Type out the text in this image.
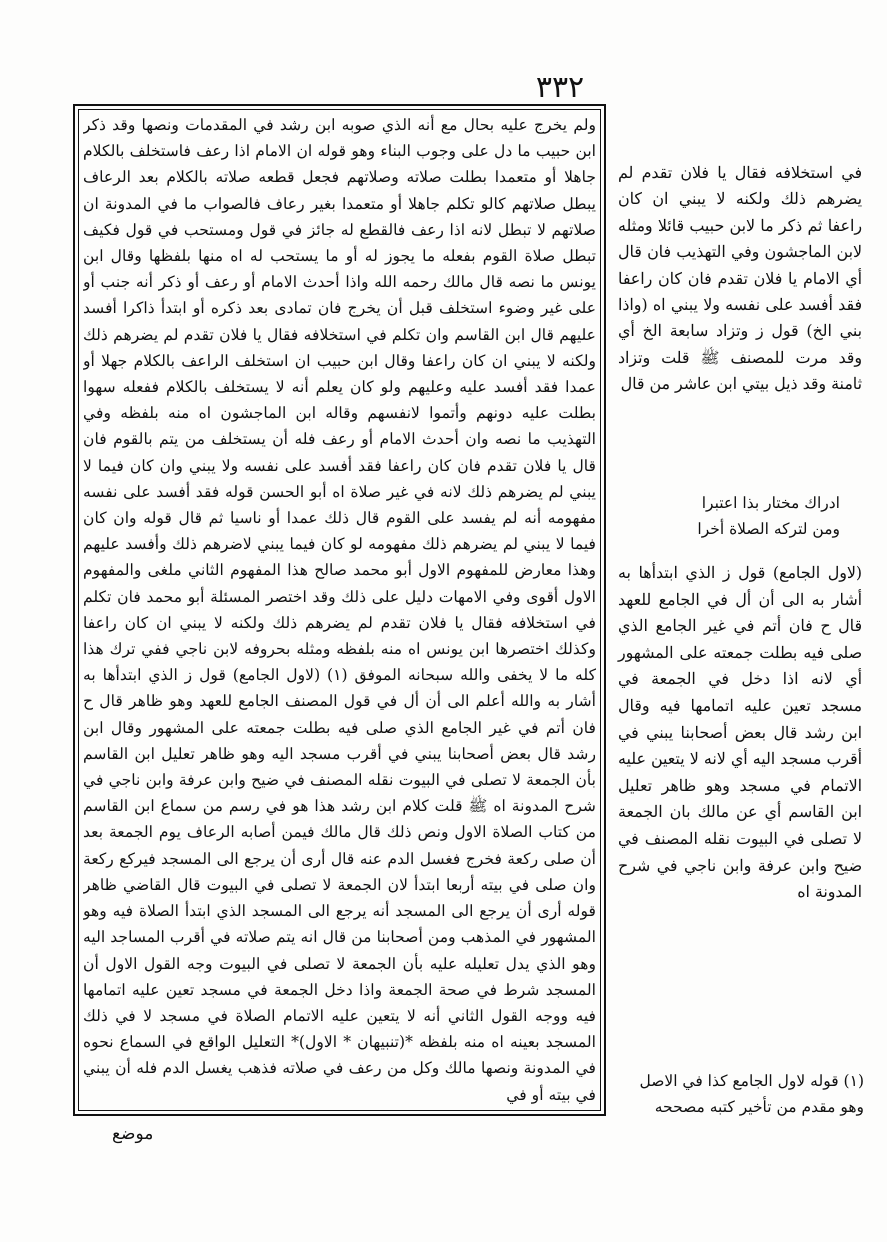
٣٣٢

ولم يخرج عليه بحال مع أنه الذي صوبه ابن رشد في المقدمات ونصها وقد ذكر ابن حبيب ما دل على وجوب البناء وهو قوله ان الامام اذا رعف فاستخلف بالكلام جاهلا أو متعمدا بطلت صلاته وصلاتهم فجعل قطعه صلاته بالكلام بعد الرعاف يبطل صلاتهم كالو تكلم جاهلا أو متعمدا بغير رعاف فالصواب ما في المدونة ان صلاتهم لا تبطل لانه اذا رعف فالقطع له جائز في قول ومستحب في قول فكيف تبطل صلاة القوم بفعله ما يجوز له أو ما يستحب له اه منها بلفظها وقال ابن يونس ما نصه قال مالك رحمه الله واذا أحدث الامام أو رعف أو ذكر أنه جنب أو على غير وضوء استخلف قبل أن يخرج فان تمادى بعد ذكره أو ابتدأ ذاكرا أفسد عليهم قال ابن القاسم وان تكلم في استخلافه فقال يا فلان تقدم لم يضرهم ذلك ولكنه لا يبني ان كان راعفا وقال ابن حبيب ان استخلف الراعف بالكلام جهلا أو عمدا فقد أفسد عليه وعليهم ولو كان يعلم أنه لا يستخلف بالكلام ففعله سهوا بطلت عليه دونهم وأتموا لانفسهم وقاله ابن الماجشون اه منه بلفظه وفي التهذيب ما نصه وان أحدث الامام أو رعف فله أن يستخلف من يتم بالقوم فان قال يا فلان تقدم فان كان راعفا فقد أفسد على نفسه ولا يبني وان كان فيما لا يبني لم يضرهم ذلك لانه في غير صلاة اه أبو الحسن قوله فقد أفسد على نفسه مفهومه أنه لم يفسد على القوم قال ذلك عمدا أو ناسيا ثم قال قوله وان كان فيما لا يبني لم يضرهم ذلك مفهومه لو كان فيما يبني لاضرهم ذلك وأفسد عليهم وهذا معارض للمفهوم الاول أبو محمد صالح هذا المفهوم الثاني ملغى والمفهوم الاول أقوى وفي الامهات دليل على ذلك وقد اختصر المسئلة أبو محمد فان تكلم في استخلافه فقال يا فلان تقدم لم يضرهم ذلك ولكنه لا يبني ان كان راعفا وكذلك اختصرها ابن يونس اه منه بلفظه ومثله بحروفه لابن ناجي ففي ترك هذا كله ما لا يخفى والله سبحانه الموفق (١) (لاول الجامع) قول ز الذي ابتدأها به أشار به والله أعلم الى أن أل في قول المصنف الجامع للعهد وهو ظاهر قال ح فان أتم في غير الجامع الذي صلى فيه بطلت جمعته على المشهور وقال ابن رشد قال بعض أصحابنا يبني في أقرب مسجد اليه وهو ظاهر تعليل ابن القاسم بأن الجمعة لا تصلى في البيوت نقله المصنف في ضيح وابن عرفة وابن ناجي في شرح المدونة اه ﷺ قلت كلام ابن رشد هذا هو في رسم من سماع ابن القاسم من كتاب الصلاة الاول ونص ذلك قال مالك فيمن أصابه الرعاف يوم الجمعة بعد أن صلى ركعة فخرج فغسل الدم عنه قال أرى أن يرجع الى المسجد فيركع ركعة وان صلى في بيته أربعا ابتدأ لان الجمعة لا تصلى في البيوت قال القاضي ظاهر قوله أرى أن يرجع الى المسجد أنه يرجع الى المسجد الذي ابتدأ الصلاة فيه وهو المشهور في المذهب ومن أصحابنا من قال انه يتم صلاته في أقرب المساجد اليه وهو الذي يدل تعليله عليه بأن الجمعة لا تصلى في البيوت وجه القول الاول أن المسجد شرط في صحة الجمعة واذا دخل الجمعة في مسجد تعين عليه اتمامها فيه ووجه القول الثاني أنه لا يتعين عليه الاتمام الصلاة في مسجد لا في ذلك المسجد بعينه اه منه بلفظه *(تنبيهان * الاول)* التعليل الواقع في السماع نحوه في المدونة ونصها مالك وكل من رعف في صلاته فذهب يغسل الدم فله أن يبني في بيته أو في

في استخلافه فقال يا فلان تقدم لم يضرهم ذلك ولكنه لا يبني ان كان راعفا ثم ذكر ما لابن حبيب قائلا ومثله لابن الماجشون وفي التهذيب فان قال أي الامام يا فلان تقدم فان كان راعفا فقد أفسد على نفسه ولا يبني اه (واذا بني الخ) قول ز وتزاد سابعة الخ أي وقد مرت للمصنف ﷺ قلت وتزاد ثامنة وقد ذيل بيتي ابن عاشر من قال

ادراك مختار بذا اعتبرا

ومن لتركه الصلاة أخرا

(لاول الجامع) قول ز الذي ابتدأها به أشار به الى أن أل في الجامع للعهد قال ح فان أتم في غير الجامع الذي صلى فيه بطلت جمعته على المشهور أي لانه اذا دخل في الجمعة في مسجد تعين عليه اتمامها فيه وقال ابن رشد قال بعض أصحابنا يبني في أقرب مسجد اليه أي لانه لا يتعين عليه الاتمام في مسجد وهو ظاهر تعليل ابن القاسم أي عن مالك بان الجمعة لا تصلى في البيوت نقله المصنف في ضيح وابن عرفة وابن ناجي في شرح المدونة اه

(١) قوله لاول الجامع كذا في الاصل

وهو مقدم من تأخير كتبه مصححه

موضع
